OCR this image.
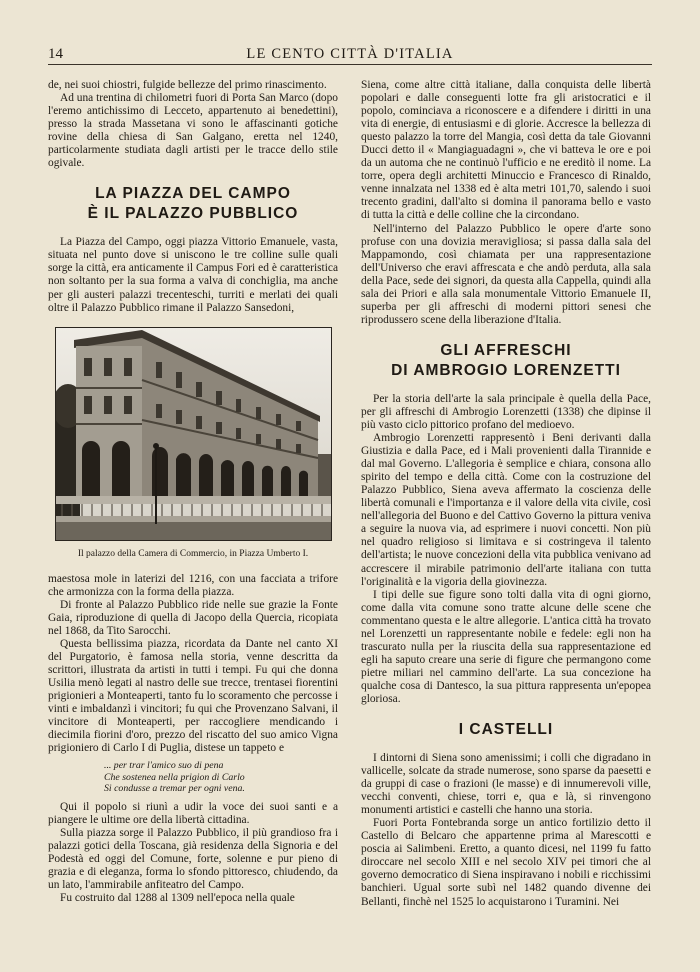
14	LE CENTO CITTÀ D'ITALIA

de, nei suoi chiostri, fulgide bellezze del primo rinascimento.

Ad una trentina di chilometri fuori di Porta San Marco (dopo l'eremo antichissimo di Lecceto, appartenuto ai benedettini), presso la strada Massetana vi sono le affascinanti gotiche rovine della chiesa di San Galgano, eretta nel 1240, particolarmente studiata dagli artisti per le tracce dello stile ogivale.

LA PIAZZA DEL CAMPO
È IL PALAZZO PUBBLICO

La Piazza del Campo, oggi piazza Vittorio Emanuele, vasta, situata nel punto dove si uniscono le tre colline sulle quali sorge la città, era anticamente il Campus Fori ed è caratteristica non soltanto per la sua forma a valva di conchiglia, ma anche per gli austeri palazzi trecenteschi, turriti e merlati dei quali oltre il Palazzo Pubblico rimane il Palazzo Sansedoni,

Il palazzo della Camera di Commercio, in Piazza Umberto I.

maestosa mole in laterizi del 1216, con una facciata a trifore che armonizza con la forma della piazza.

Di fronte al Palazzo Pubblico ride nelle sue grazie la Fonte Gaia, riproduzione di quella di Jacopo della Quercia, ricopiata nel 1868, da Tito Sarocchi.

Questa bellissima piazza, ricordata da Dante nel canto XI del Purgatorio, è famosa nella storia, venne descritta da scrittori, illustrata da artisti in tutti i tempi. Fu qui che donna Usilia menò legati al nastro delle sue trecce, trentasei fiorentini prigionieri a Monteaperti, tanto fu lo scoramento che percosse i vinti e imbaldanzì i vincitori; fu qui che Provenzano Salvani, il vincitore di Monteaperti, per raccogliere mendicando i diecimila fiorini d'oro, prezzo del riscatto del suo amico Vigna prigioniero di Carlo I di Puglia, distese un tappeto e

... per trar l'amico suo di pena
Che sostenea nella prigion di Carlo
Si condusse a tremar per ogni vena.

Qui il popolo si riunì a udir la voce dei suoi santi e a piangere le ultime ore della libertà cittadina.

Sulla piazza sorge il Palazzo Pubblico, il più grandioso fra i palazzi gotici della Toscana, già residenza della Signoria e del Podestà ed oggi del Comune, forte, solenne e pur pieno di grazia e di eleganza, forma lo sfondo pittoresco, chiudendo, da un lato, l'ammirabile anfiteatro del Campo.

Fu costruito dal 1288 al 1309 nell'epoca nella quale

Siena, come altre città italiane, dalla conquista delle libertà popolari e dalle conseguenti lotte fra gli aristocratici e il popolo, cominciava a riconoscere e a difendere i diritti in una vita di energie, di entusiasmi e di glorie. Accresce la bellezza di questo palazzo la torre del Mangia, così detta da tale Giovanni Ducci detto il « Mangiaguadagni », che vi batteva le ore e poi da un automa che ne continuò l'ufficio e ne ereditò il nome. La torre, opera degli architetti Minuccio e Francesco di Rinaldo, venne innalzata nel 1338 ed è alta metri 101,70, salendo i suoi trecento gradini, dall'alto si domina il panorama bello e vasto di tutta la città e delle colline che la circondano.

Nell'interno del Palazzo Pubblico le opere d'arte sono profuse con una dovizia meravigliosa; si passa dalla sala del Mappamondo, così chiamata per una rappresentazione dell'Universo che eravi affrescata e che andò perduta, alla sala della Pace, sede dei signori, da questa alla Cappella, quindi alla sala dei Priori e alla sala monumentale Vittorio Emanuele II, superba per gli affreschi di moderni pittori senesi che riprodussero scene della liberazione d'Italia.

GLI AFFRESCHI
DI AMBROGIO LORENZETTI

Per la storia dell'arte la sala principale è quella della Pace, per gli affreschi di Ambrogio Lorenzetti (1338) che dipinse il più vasto ciclo pittorico profano del medioevo.

Ambrogio Lorenzetti rappresentò i Beni derivanti dalla Giustizia e dalla Pace, ed i Mali provenienti dalla Tirannide e dal mal Governo. L'allegoria è semplice e chiara, consona allo spirito del tempo e della città. Come con la costruzione del Palazzo Pubblico, Siena aveva affermato la coscienza delle libertà comunali e l'importanza e il valore della vita civile, così nell'allegoria del Buono e del Cattivo Governo la pittura veniva a seguire la nuova via, ad esprimere i nuovi concetti. Non più nel quadro religioso si limitava e si costringeva il talento dell'artista; le nuove concezioni della vita pubblica venivano ad accrescere il mirabile patrimonio dell'arte italiana con tutta l'originalità e la vigoria della giovinezza.

I tipi delle sue figure sono tolti dalla vita di ogni giorno, come dalla vita comune sono tratte alcune delle scene che commentano questa e le altre allegorie. L'antica città ha trovato nel Lorenzetti un rappresentante nobile e fedele: egli non ha trascurato nulla per la riuscita della sua rappresentazione ed egli ha saputo creare una serie di figure che permangono come pietre miliari nel cammino dell'arte. La sua concezione ha qualche cosa di Dantesco, la sua pittura rappresenta un'epopea gloriosa.

I CASTELLI

I dintorni di Siena sono amenissimi; i colli che digradano in vallicelle, solcate da strade numerose, sono sparse da paesetti e da gruppi di case o frazioni (le masse) e di innumerevoli ville, vecchi conventi, chiese, torri e, qua e là, si rinvengono monumenti artistici e castelli che hanno una storia.

Fuori Porta Fontebranda sorge un antico fortilizio detto il Castello di Belcaro che appartenne prima al Marescotti e poscia ai Salimbeni. Eretto, a quanto dicesi, nel 1199 fu fatto diroccare nel secolo XIII e nel secolo XIV pei timori che al governo democratico di Siena inspiravano i nobili e ricchissimi banchieri. Ugual sorte subì nel 1482 quando divenne dei Bellanti, finchè nel 1525 lo acquistarono i Turamini. Nei
